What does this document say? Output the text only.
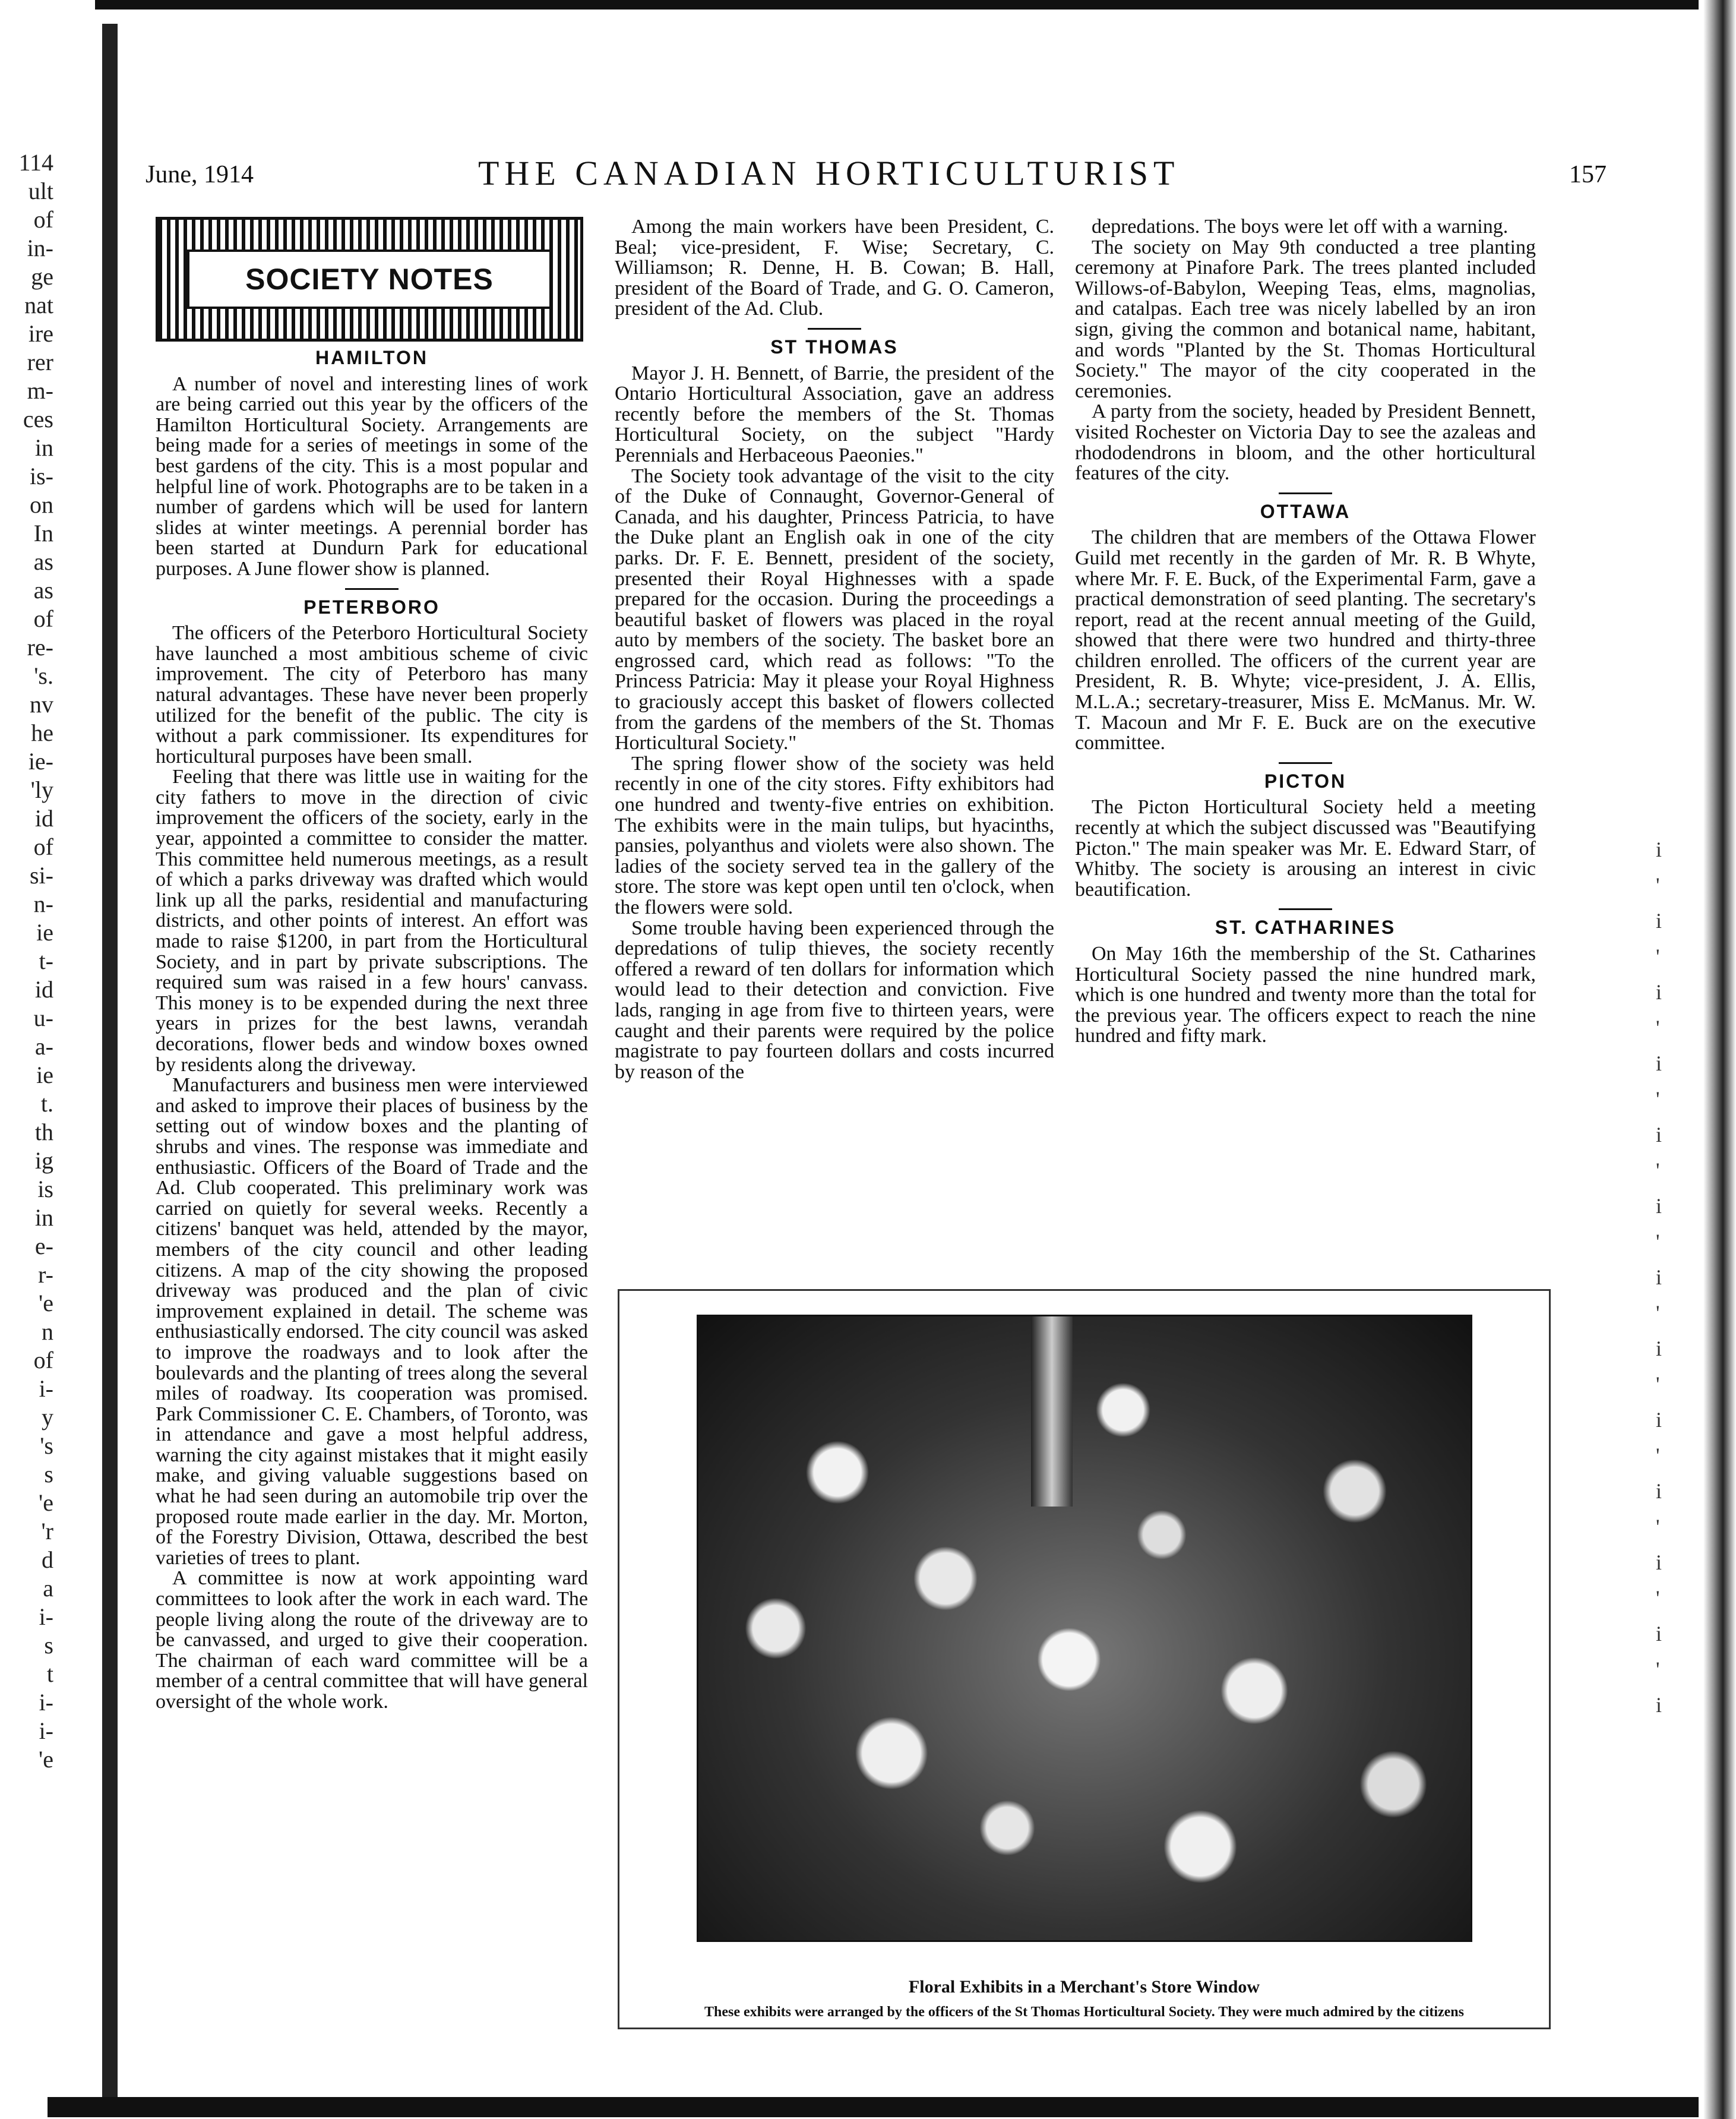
114
ult
of
in-
ge
nat
ire
rer
m-
ces
in
is-
on
In
as
as
of
re-
's.
nv
he
ie-
'ly
id
of
si-
n-
ie
t-
id
u-
a-
ie
t.
th
ig
is
in
e-
r-
'e
n
of
i-
y
's
s
'e
'r
d
a
i-
s
t
i-
i-
'e
i
'
i
'
i
'
i
'
i
'
i
'
i
'
i
'
i
'
i
'
i
'
i
'
i
June, 1914	THE CANADIAN HORTICULTURIST	157
SOCIETY NOTES
HAMILTON

A number of novel and interesting lines of work are being carried out this year by the officers of the Hamilton Horticultural Society. Arrangements are being made for a series of meetings in some of the best gardens of the city. This is a most popular and helpful line of work. Photographs are to be taken in a number of gardens which will be used for lantern slides at winter meetings. A perennial border has been started at Dundurn Park for educational purposes. A June flower show is planned.

PETERBORO

The officers of the Peterboro Horticultural Society have launched a most ambitious scheme of civic improvement. The city of Peterboro has many natural advantages. These have never been properly utilized for the benefit of the public. The city is without a park commissioner. Its expenditures for horticultural purposes have been small.

Feeling that there was little use in waiting for the city fathers to move in the direction of civic improvement the officers of the society, early in the year, appointed a committee to consider the matter. This committee held numerous meetings, as a result of which a parks driveway was drafted which would link up all the parks, residential and manufacturing districts, and other points of interest. An effort was made to raise $1200, in part from the Horticultural Society, and in part by private subscriptions. The required sum was raised in a few hours' canvass. This money is to be expended during the next three years in prizes for the best lawns, verandah decorations, flower beds and window boxes owned by residents along the driveway.

Manufacturers and business men were interviewed and asked to improve their places of business by the setting out of window boxes and the planting of shrubs and vines. The response was immediate and enthusiastic. Officers of the Board of Trade and the Ad. Club cooperated. This preliminary work was carried on quietly for several weeks. Recently a citizens' banquet was held, attended by the mayor, members of the city council and other leading citizens. A map of the city showing the proposed driveway was produced and the plan of civic improvement explained in detail. The scheme was enthusiastically endorsed. The city council was asked to improve the roadways and to look after the boulevards and the planting of trees along the several miles of roadway. Its cooperation was promised. Park Commissioner C. E. Chambers, of Toronto, was in attendance and gave a most helpful address, warning the city against mistakes that it might easily make, and giving valuable suggestions based on what he had seen during an automobile trip over the proposed route made earlier in the day. Mr. Morton, of the Forestry Division, Ottawa, described the best varieties of trees to plant.

A committee is now at work appointing ward committees to look after the work in each ward. The people living along the route of the driveway are to be canvassed, and urged to give their cooperation. The chairman of each ward committee will be a member of a central committee that will have general oversight of the whole work.

Among the main workers have been President, C. Beal; vice-president, F. Wise; Secretary, C. Williamson; R. Denne, H. B. Cowan; B. Hall, president of the Board of Trade, and G. O. Cameron, president of the Ad. Club.

ST THOMAS

Mayor J. H. Bennett, of Barrie, the president of the Ontario Horticultural Association, gave an address recently before the members of the St. Thomas Horticultural Society, on the subject "Hardy Perennials and Herbaceous Paeonies."

The Society took advantage of the visit to the city of the Duke of Connaught, Governor-General of Canada, and his daughter, Princess Patricia, to have the Duke plant an English oak in one of the city parks. Dr. F. E. Bennett, president of the society, presented their Royal Highnesses with a spade prepared for the occasion. During the proceedings a beautiful basket of flowers was placed in the royal auto by members of the society. The basket bore an engrossed card, which read as follows: "To the Princess Patricia: May it please your Royal Highness to graciously accept this basket of flowers collected from the gardens of the members of the St. Thomas Horticultural Society."

The spring flower show of the society was held recently in one of the city stores. Fifty exhibitors had one hundred and twenty-five entries on exhibition. The exhibits were in the main tulips, but hyacinths, pansies, polyanthus and violets were also shown. The ladies of the society served tea in the gallery of the store. The store was kept open until ten o'clock, when the flowers were sold.

Some trouble having been experienced through the depredations of tulip thieves, the society recently offered a reward of ten dollars for information which would lead to their detection and conviction. Five lads, ranging in age from five to thirteen years, were caught and their parents were required by the police magistrate to pay fourteen dollars and costs incurred by reason of the

depredations. The boys were let off with a warning.

The society on May 9th conducted a tree planting ceremony at Pinafore Park. The trees planted included Willows-of-Babylon, Weeping Teas, elms, magnolias, and catalpas. Each tree was nicely labelled by an iron sign, giving the common and botanical name, habitant, and words "Planted by the St. Thomas Horticultural Society." The mayor of the city cooperated in the ceremonies.

A party from the society, headed by President Bennett, visited Rochester on Victoria Day to see the azaleas and rhododendrons in bloom, and the other horticultural features of the city.

OTTAWA

The children that are members of the Ottawa Flower Guild met recently in the garden of Mr. R. B Whyte, where Mr. F. E. Buck, of the Experimental Farm, gave a practical demonstration of seed planting. The secretary's report, read at the recent annual meeting of the Guild, showed that there were two hundred and thirty-three children enrolled. The officers of the current year are President, R. B. Whyte; vice-president, J. A. Ellis, M.L.A.; secretary-treasurer, Miss E. McManus. Mr. W. T. Macoun and Mr F. E. Buck are on the executive committee.

PICTON

The Picton Horticultural Society held a meeting recently at which the subject discussed was "Beautifying Picton." The main speaker was Mr. E. Edward Starr, of Whitby. The society is arousing an interest in civic beautification.

ST. CATHARINES

On May 16th the membership of the St. Catharines Horticultural Society passed the nine hundred mark, which is one hundred and twenty more than the total for the previous year. The officers expect to reach the nine hundred and fifty mark.

Floral Exhibits in a Merchant's Store Window
These exhibits were arranged by the officers of the St Thomas Horticultural Society. They were much admired by the citizens
